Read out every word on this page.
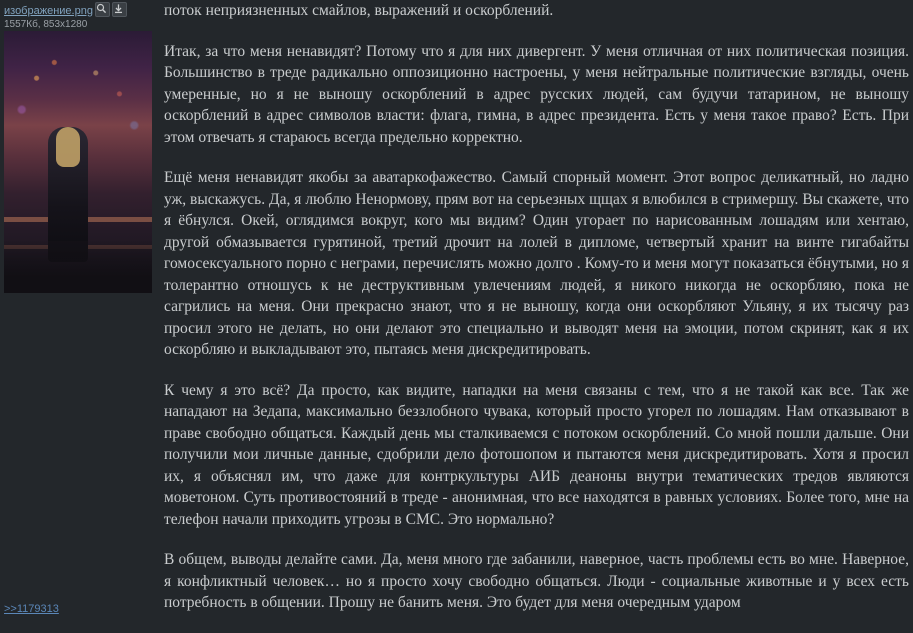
изображение.png
1557Кб, 853x1280

поток неприязненных смайлов, выражений и оскорблений.

Итак, за что меня ненавидят? Потому что я для них дивергент. У меня отличная от них политическая позиция. Большинство в треде радикально оппозиционно настроены, у меня нейтральные политические взгляды, очень умеренные, но я не выношу оскорблений в адрес русских людей, сам будучи татарином, не выношу оскорблений в адрес символов власти: флага, гимна, в адрес президента. Есть у меня такое право? Есть. При этом отвечать я стараюсь всегда предельно корректно.

Ещё меня ненавидят якобы за аватаркофажество. Самый спорный момент. Этот вопрос деликатный, но ладно уж, выскажусь. Да, я люблю Ненормову, прям вот на серьезных щщах я влюбился в стримершу. Вы скажете, что я ёбнулся. Окей, оглядимся вокруг, кого мы видим? Один угорает по нарисованным лошадям или хентаю, другой обмазывается гурятиной, третий дрочит на лолей в дипломе, четвертый хранит на винте гигабайты гомосексуального порно с неграми, перечислять можно долго . Кому-то и меня могут показаться ёбнутыми, но я толерантно отношусь к не деструктивным увлечениям людей, я никого никогда не оскорбляю, пока не сагрились на меня. Они прекрасно знают, что я не выношу, когда они оскорбляют Ульяну, я их тысячу раз просил этого не делать, но они делают это специально и выводят меня на эмоции, потом скринят, как я их оскорбляю и выкладывают это, пытаясь меня дискредитировать.

К чему я это всё? Да просто, как видите, нападки на меня связаны с тем, что я не такой как все. Так же нападают на Зедапа, максимально беззлобного чувака, который просто угорел по лошадям. Нам отказывают в праве свободно общаться. Каждый день мы сталкиваемся с потоком оскорблений. Со мной пошли дальше. Они получили мои личные данные, сдобрили дело фотошопом и пытаются меня дискредитировать. Хотя я просил их, я объяснял им, что даже для контркультуры АИБ деаноны внутри тематических тредов являются моветоном. Суть противостояний в треде - анонимная, что все находятся в равных условиях. Более того, мне на телефон начали приходить угрозы в СМС. Это нормально?

В общем, выводы делайте сами. Да, меня много где забанили, наверное, часть проблемы есть во мне. Наверное, я конфликтный человек… но я просто хочу свободно общаться. Люди - социальные животные и у всех есть потребность в общении. Прошу не банить меня. Это будет для меня очередным ударом

>>1179313
